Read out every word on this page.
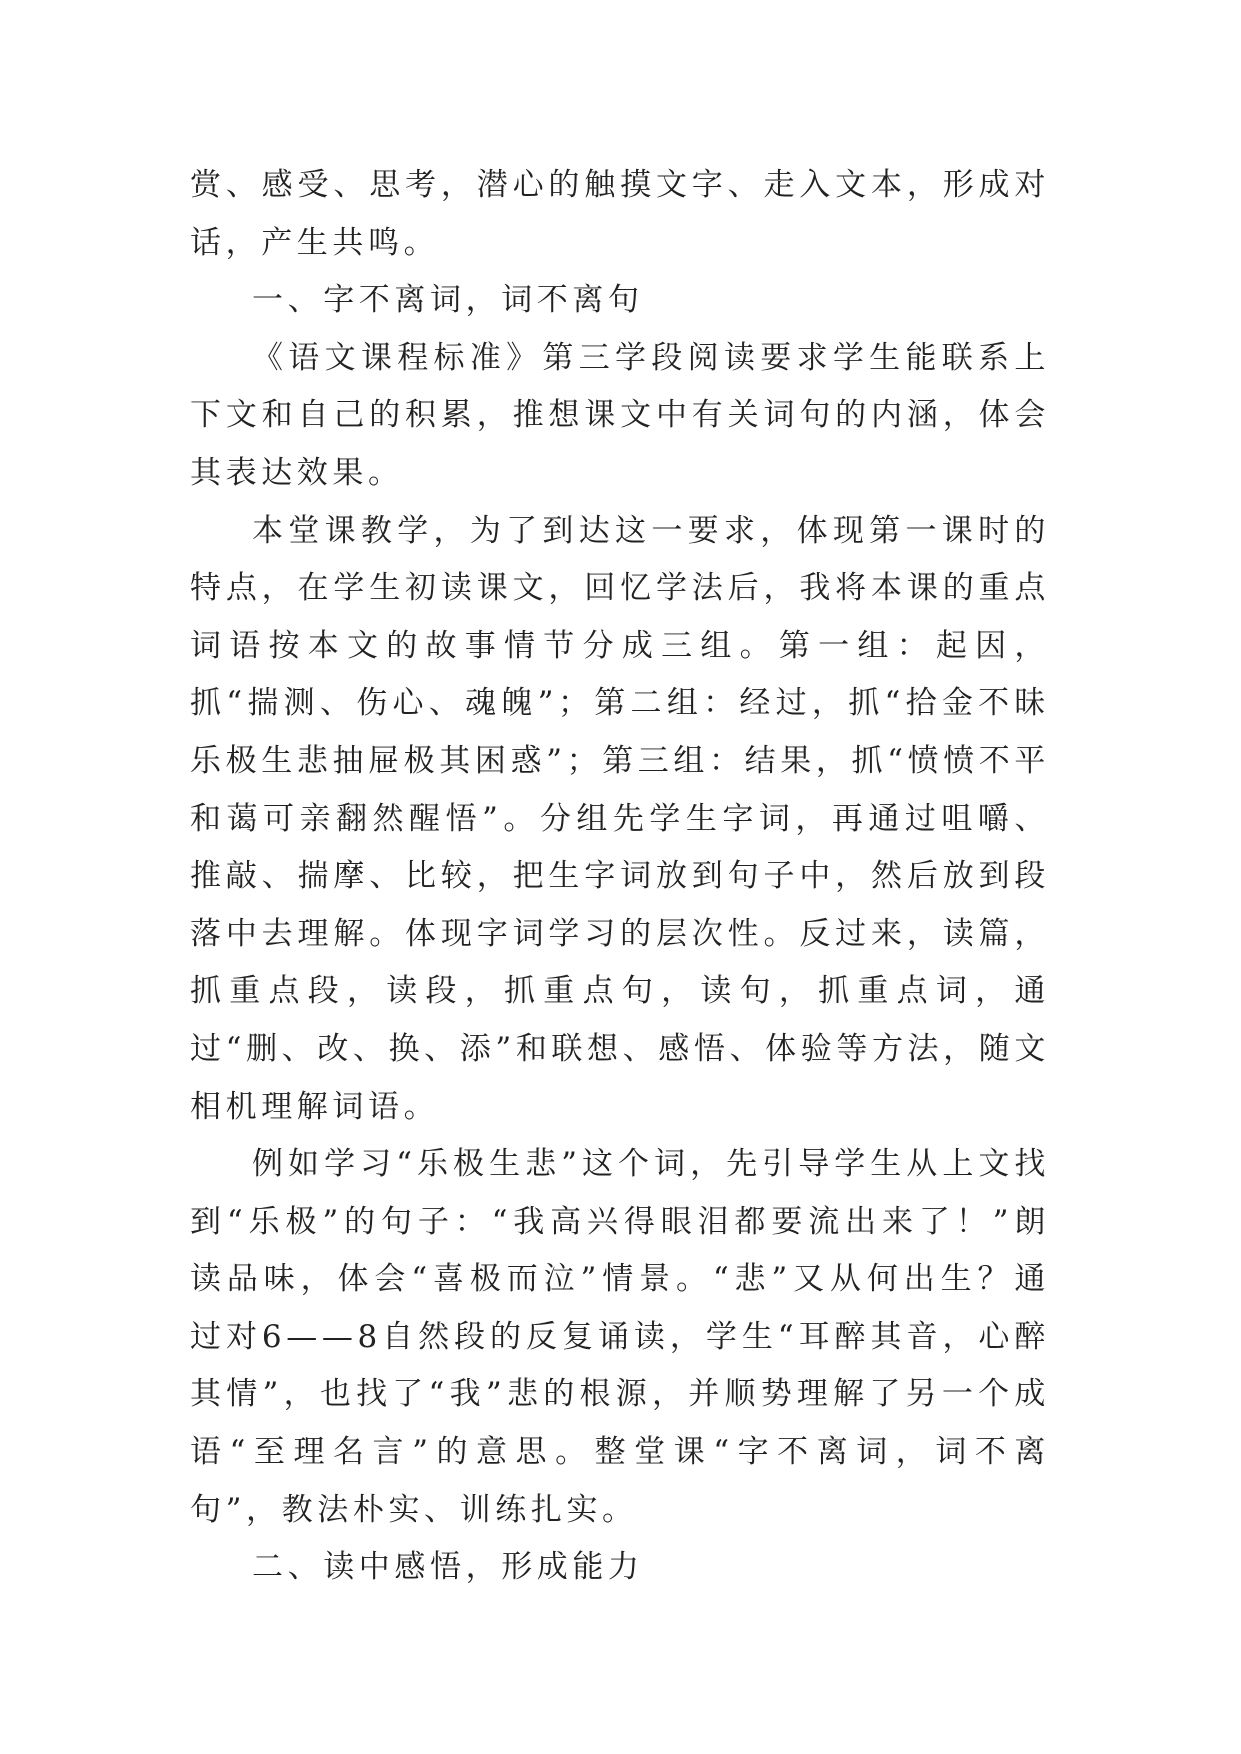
赏、感受、思考，潜心的触摸文字、走入文本，形成对话，产生共鸣。

一、字不离词，词不离句

《语文课程标准》第三学段阅读要求学生能联系上下文和自己的积累，推想课文中有关词句的内涵，体会其表达效果。

本堂课教学，为了到达这一要求，体现第一课时的特点，在学生初读课文，回忆学法后，我将本课的重点词语按本文的故事情节分成三组。第一组：起因，抓“揣测、伤心、魂魄”；第二组：经过，抓“拾金不昧乐极生悲抽屉极其困惑”；第三组：结果，抓“愤愤不平和蔼可亲翻然醒悟”。分组先学生字词，再通过咀嚼、推敲、揣摩、比较，把生字词放到句子中，然后放到段落中去理解。体现字词学习的层次性。反过来，读篇，抓重点段，读段，抓重点句，读句，抓重点词，通过“删、改、换、添”和联想、感悟、体验等方法，随文相机理解词语。

例如学习“乐极生悲”这个词，先引导学生从上文找到“乐极”的句子：“我高兴得眼泪都要流出来了！”朗读品味，体会“喜极而泣”情景。“悲”又从何出生？通过对6——8自然段的反复诵读，学生“耳醉其音，心醉其情”，也找了“我”悲的根源，并顺势理解了另一个成语“至理名言”的意思。整堂课“字不离词，词不离句”，教法朴实、训练扎实。

二、读中感悟，形成能力
